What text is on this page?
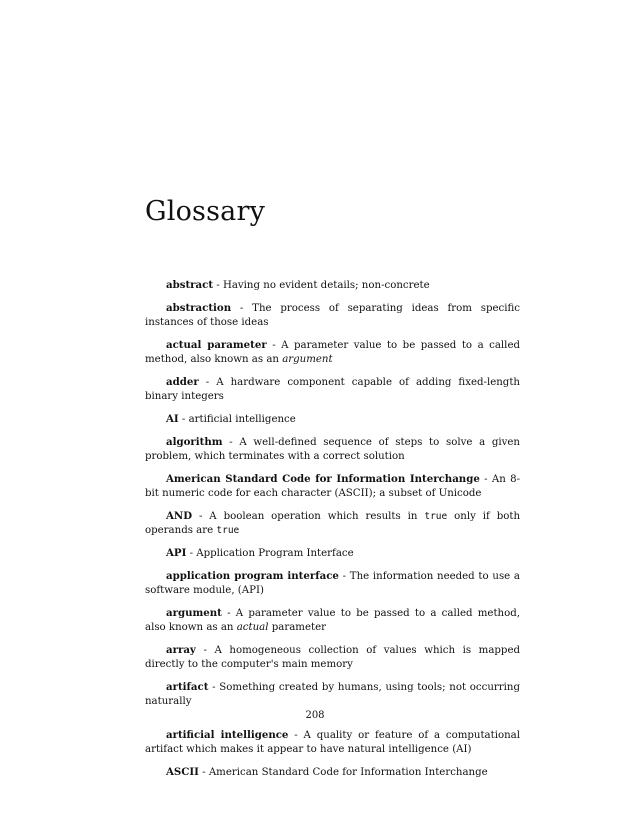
Glossary

abstract - Having no evident details; non-concrete

abstraction - The process of separating ideas from specific instances of those ideas

actual parameter - A parameter value to be passed to a called method, also known as an argument

adder - A hardware component capable of adding fixed-length binary integers

AI - artificial intelligence

algorithm - A well-defined sequence of steps to solve a given problem, which terminates with a correct solution

American Standard Code for Information Interchange - An 8-bit numeric code for each character (ASCII); a subset of Unicode

AND - A boolean operation which results in true only if both operands are true

API - Application Program Interface

application program interface - The information needed to use a software module, (API)

argument - A parameter value to be passed to a called method, also known as an actual parameter

array - A homogeneous collection of values which is mapped directly to the computer's main memory

artifact - Something created by humans, using tools; not occurring naturally

artificial intelligence - A quality or feature of a computational artifact which makes it appear to have natural intelligence (AI)

ASCII - American Standard Code for Information Interchange

208
